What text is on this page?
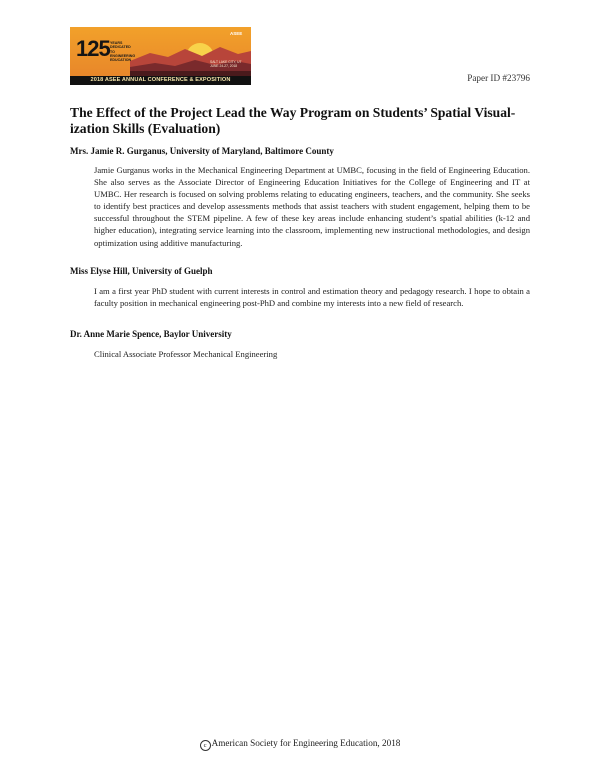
125 YEARS DEDICATED TO ENGINEERING EDUCATION
ASEE
SALT LAKE CITY, UT JUNE 24-27, 2018
2018 ASEE ANNUAL CONFERENCE & EXPOSITION	Paper ID #23796
The Effect of the Project Lead the Way Program on Students’ Spatial Visual-
ization Skills (Evaluation)

Mrs. Jamie R. Gurganus, University of Maryland, Baltimore County

Jamie Gurganus works in the Mechanical Engineering Department at UMBC, focusing in the field of Engineering Education. She also serves as the Associate Director of Engineering Education Initiatives for the College of Engineering and IT at UMBC. Her research is focused on solving problems relating to educating engineers, teachers, and the community. She seeks to identify best practices and develop assessments methods that assist teachers with student engagement, helping them to be successful throughout the STEM pipeline. A few of these key areas include enhancing student’s spatial abilities (k-12 and higher education), integrating service learning into the classroom, implementing new instructional methodologies, and design optimization using additive manufacturing.

Miss Elyse Hill, University of Guelph

I am a first year PhD student with current interests in control and estimation theory and pedagogy research. I hope to obtain a faculty position in mechanical engineering post-PhD and combine my interests into a new field of research.

Dr. Anne Marie Spence, Baylor University

Clinical Associate Professor Mechanical Engineering

c American Society for Engineering Education, 2018
